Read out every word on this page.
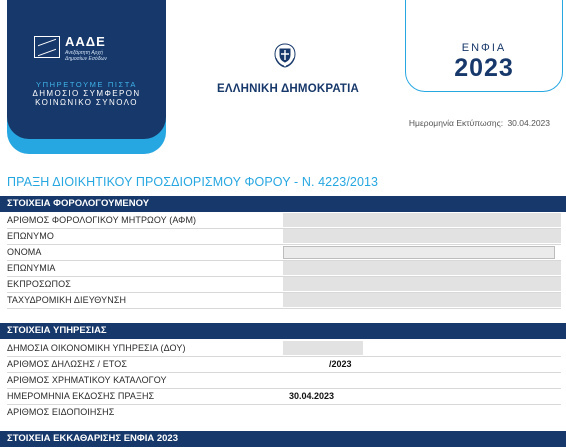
ΑΑΔΕ
Ανεξάρτητη Αρχή Δημοσίων Εσόδων
ΥΠΗΡΕΤΟΥΜΕ ΠΙΣΤΑ
ΔΗΜΟΣΙΟ ΣΥΜΦΕΡΟΝ
ΚΟΙΝΩΝΙΚΟ ΣΥΝΟΛΟ
ΕΛΛΗΝΙΚΗ ΔΗΜΟΚΡΑΤΙΑ
ΕΝΦΙΑ
2023
Ημερομηνία Εκτύπωσης: 30.04.2023
ΠΡΑΞΗ ΔΙΟΙΚΗΤΙΚΟΥ ΠΡΟΣΔΙΟΡΙΣΜΟΥ ΦΟΡΟΥ - Ν. 4223/2013
ΣΤΟΙΧΕΙΑ ΦΟΡΟΛΟΓΟΥΜΕΝΟΥ
ΑΡΙΘΜΟΣ ΦΟΡΟΛΟΓΙΚΟΥ ΜΗΤΡΩΟΥ (ΑΦΜ)
ΕΠΩΝΥΜΟ
ΟΝΟΜΑ
ΕΠΩΝΥΜΙΑ
ΕΚΠΡΟΣΩΠΟΣ
ΤΑΧΥΔΡΟΜΙΚΗ ΔΙΕΥΘΥΝΣΗ
ΣΤΟΙΧΕΙΑ ΥΠΗΡΕΣΙΑΣ
ΔΗΜΟΣΙΑ ΟΙΚΟΝΟΜΙΚΗ ΥΠΗΡΕΣΙΑ (ΔΟΥ)
ΑΡΙΘΜΟΣ ΔΗΛΩΣΗΣ / ΕΤΟΣ	/2023
ΑΡΙΘΜΟΣ ΧΡΗΜΑΤΙΚΟΥ ΚΑΤΑΛΟΓΟΥ
ΗΜΕΡΟΜΗΝΙΑ ΕΚΔΟΣΗΣ ΠΡΑΞΗΣ	30.04.2023
ΑΡΙΘΜΟΣ ΕΙΔΟΠΟΙΗΣΗΣ
ΣΤΟΙΧΕΙΑ ΕΚΚΑΘΑΡΙΣΗΣ ΕΝΦΙΑ 2023
